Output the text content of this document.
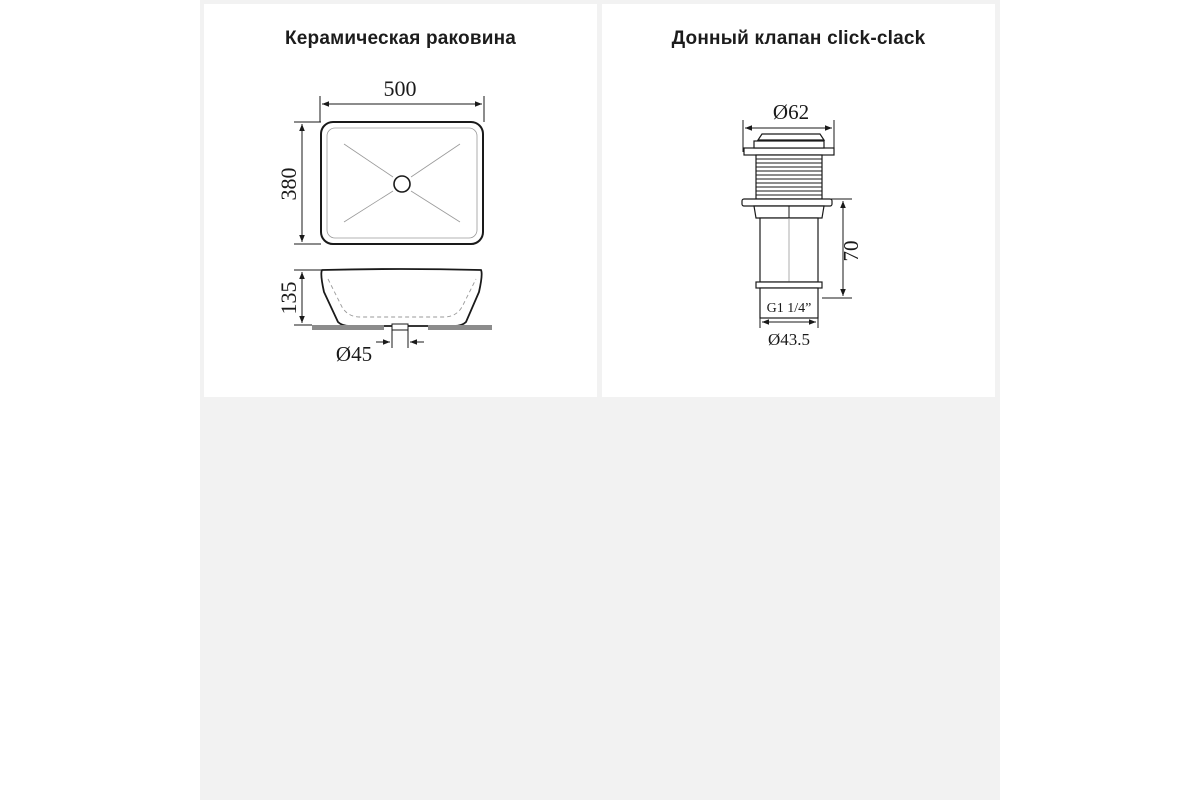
Керамическая раковина
500
380
135
Ø45
Донный клапан click-clack
Ø62
70
G1 1/4”
Ø43.5
